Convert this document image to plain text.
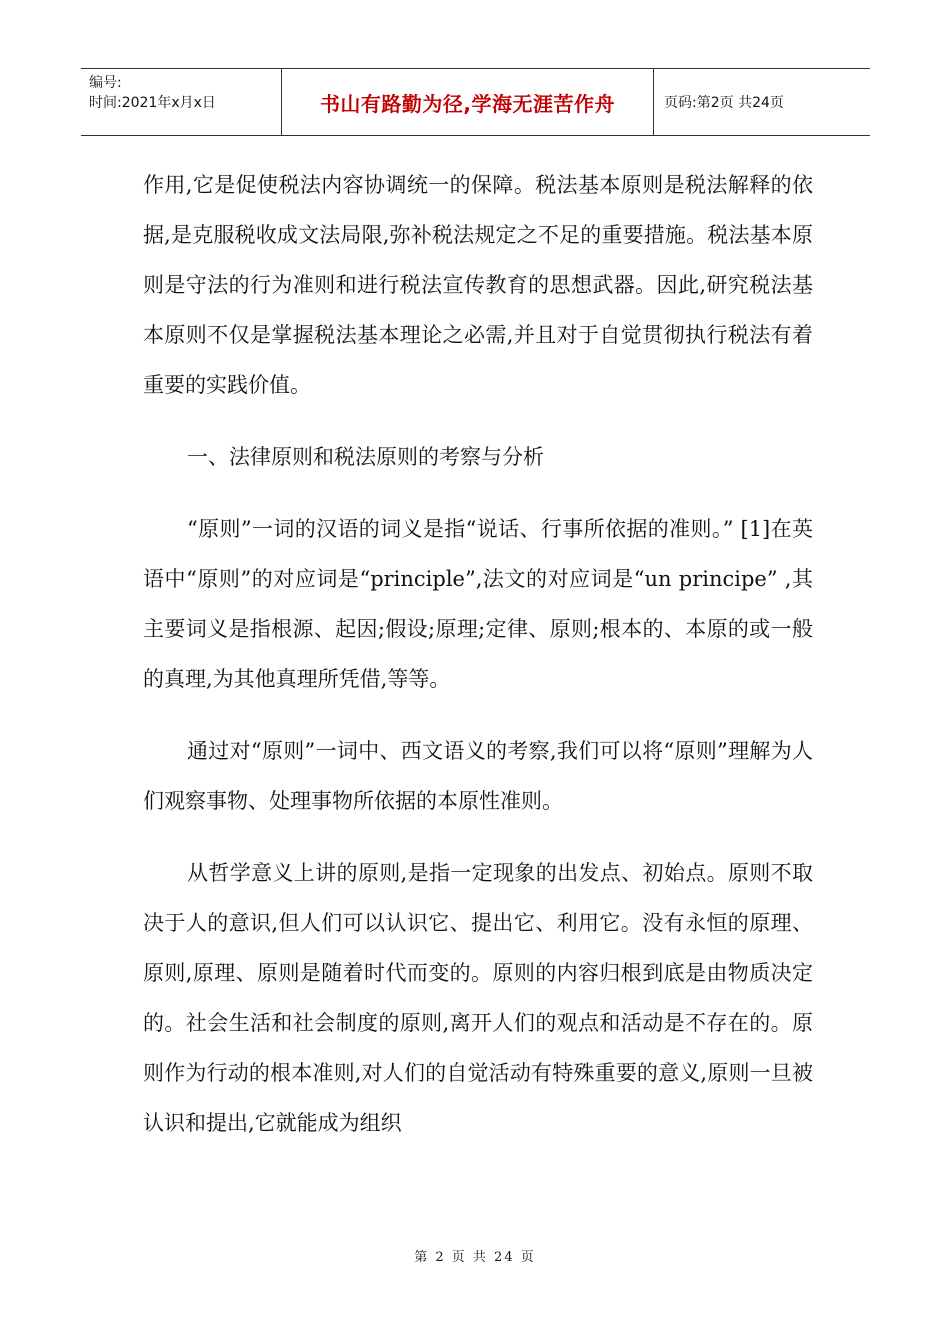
编号:
时间:2021年x月x日	书山有路勤为径,学海无涯苦作舟	页码:第2页 共24页

作用,它是促使税法内容协调统一的保障。税法基本原则是税法解释的依据,是克服税收成文法局限,弥补税法规定之不足的重要措施。税法基本原则是守法的行为准则和进行税法宣传教育的思想武器。因此,研究税法基本原则不仅是掌握税法基本理论之必需,并且对于自觉贯彻执行税法有着重要的实践价值。

一、法律原则和税法原则的考察与分析

“原则”一词的汉语的词义是指“说话、行事所依据的准则。” [1]在英语中“原则”的对应词是“principle”,法文的对应词是“un principe” ,其主要词义是指根源、起因;假设;原理;定律、原则;根本的、本原的或一般的真理,为其他真理所凭借,等等。

通过对“原则”一词中、西文语义的考察,我们可以将“原则”理解为人们观察事物、处理事物所依据的本原性准则。

从哲学意义上讲的原则,是指一定现象的出发点、初始点。原则不取决于人的意识,但人们可以认识它、提出它、利用它。没有永恒的原理、原则,原理、原则是随着时代而变的。原则的内容归根到底是由物质决定的。社会生活和社会制度的原则,离开人们的观点和活动是不存在的。原则作为行动的根本准则,对人们的自觉活动有特殊重要的意义,原则一旦被认识和提出,它就能成为组织

第 2 页 共 24 页
